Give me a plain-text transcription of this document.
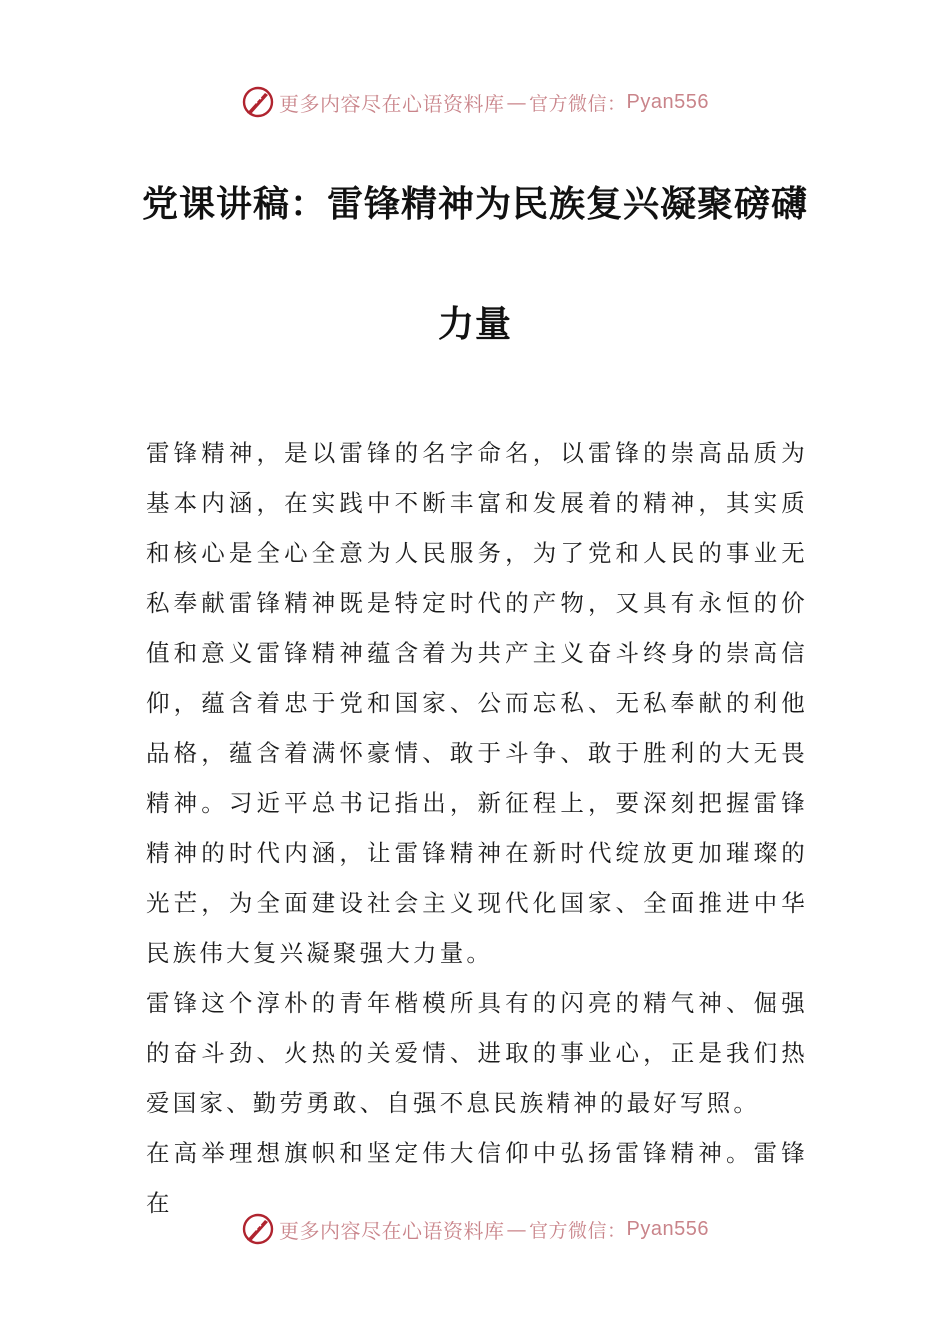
更多内容尽在心语资料库 — 官方微信： Pyan556
党课讲稿：雷锋精神为民族复兴凝聚磅礴
力量

雷锋精神，是以雷锋的名字命名，以雷锋的崇高品质为基本内涵，在实践中不断丰富和发展着的精神，其实质和核心是全心全意为人民服务，为了党和人民的事业无私奉献雷锋精神既是特定时代的产物，又具有永恒的价值和意义雷锋精神蕴含着为共产主义奋斗终身的崇高信仰，蕴含着忠于党和国家、公而忘私、无私奉献的利他品格，蕴含着满怀豪情、敢于斗争、敢于胜利的大无畏精神。习近平总书记指出，新征程上，要深刻把握雷锋精神的时代内涵，让雷锋精神在新时代绽放更加璀璨的光芒，为全面建设社会主义现代化国家、全面推进中华民族伟大复兴凝聚强大力量。

雷锋这个淳朴的青年楷模所具有的闪亮的精气神、倔强的奋斗劲、火热的关爱情、进取的事业心，正是我们热爱国家、勤劳勇敢、自强不息民族精神的最好写照。

在高举理想旗帜和坚定伟大信仰中弘扬雷锋精神。雷锋在

更多内容尽在心语资料库 — 官方微信： Pyan556
